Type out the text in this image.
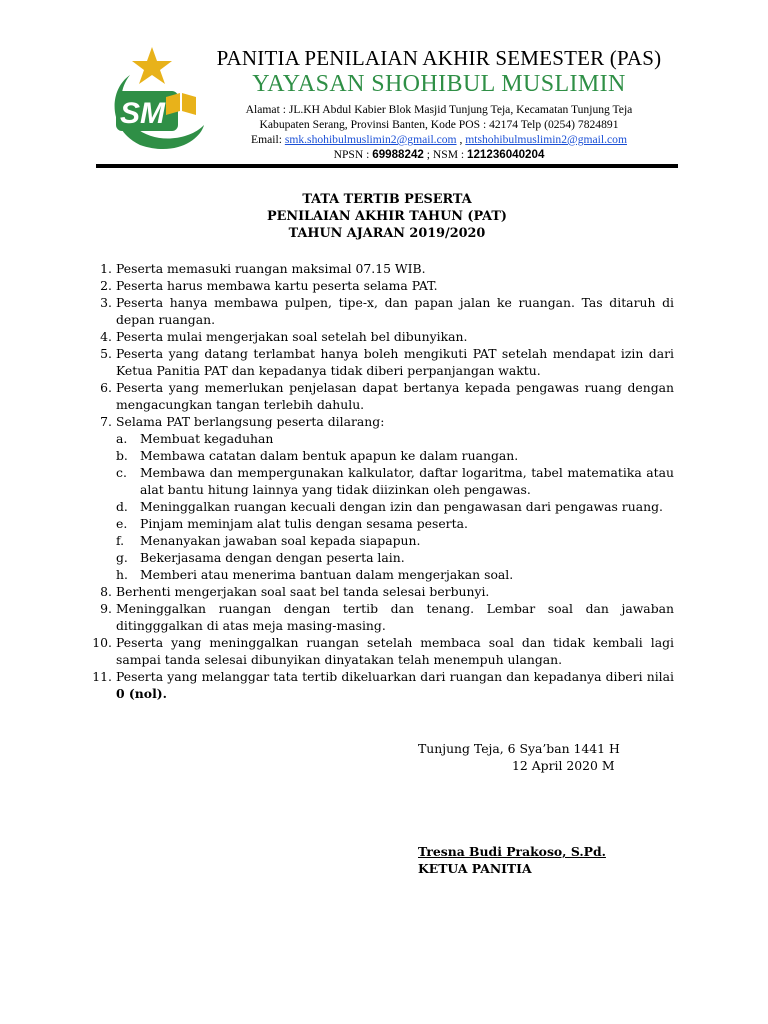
SM
PANITIA PENILAIAN AKHIR SEMESTER (PAS)
YAYASAN SHOHIBUL MUSLIMIN
Alamat : JL.KH Abdul Kabier Blok Masjid Tunjung Teja, Kecamatan Tunjung Teja
Kabupaten Serang, Provinsi Banten, Kode POS : 42174 Telp (0254) 7824891
Email: smk.shohibulmuslimin2@gmail.com , mtshohibulmuslimin2@gmail.com
NPSN : 69988242 ; NSM : 121236040204
TATA TERTIB PESERTA
PENILAIAN AKHIR TAHUN (PAT)
TAHUN AJARAN 2019/2020
1. Peserta memasuki ruangan maksimal 07.15 WIB.
2. Peserta harus membawa kartu peserta selama PAT.
3. Peserta hanya membawa pulpen, tipe-x, dan papan jalan ke ruangan. Tas ditaruh di depan ruangan.
4. Peserta mulai mengerjakan soal setelah bel dibunyikan.
5. Peserta yang datang terlambat hanya boleh mengikuti PAT setelah mendapat izin dari Ketua Panitia PAT dan kepadanya tidak diberi perpanjangan waktu.
6. Peserta yang memerlukan penjelasan dapat bertanya kepada pengawas ruang dengan mengacungkan tangan terlebih dahulu.
7. Selama PAT berlangsung peserta dilarang:
a. Membuat kegaduhan
b. Membawa catatan dalam bentuk apapun ke dalam ruangan.
c. Membawa dan mempergunakan kalkulator, daftar logaritma, tabel matematika atau alat bantu hitung lainnya yang tidak diizinkan oleh pengawas.
d. Meninggalkan ruangan kecuali dengan izin dan pengawasan dari pengawas ruang.
e. Pinjam meminjam alat tulis dengan sesama peserta.
f. Menanyakan jawaban soal kepada siapapun.
g. Bekerjasama dengan dengan peserta lain.
h. Memberi atau menerima bantuan dalam mengerjakan soal.
8. Berhenti mengerjakan soal saat bel tanda selesai berbunyi.
9. Meninggalkan ruangan dengan tertib dan tenang. Lembar soal dan jawaban ditingggalkan di atas meja masing-masing.
10. Peserta yang meninggalkan ruangan setelah membaca soal dan tidak kembali lagi sampai tanda selesai dibunyikan dinyatakan telah menempuh ulangan.
11. Peserta yang melanggar tata tertib dikeluarkan dari ruangan dan kepadanya diberi nilai 0 (nol).
Tunjung Teja, 6 Sya’ban 1441 H
12 April 2020 M
Tresna Budi Prakoso, S.Pd.
KETUA PANITIA
